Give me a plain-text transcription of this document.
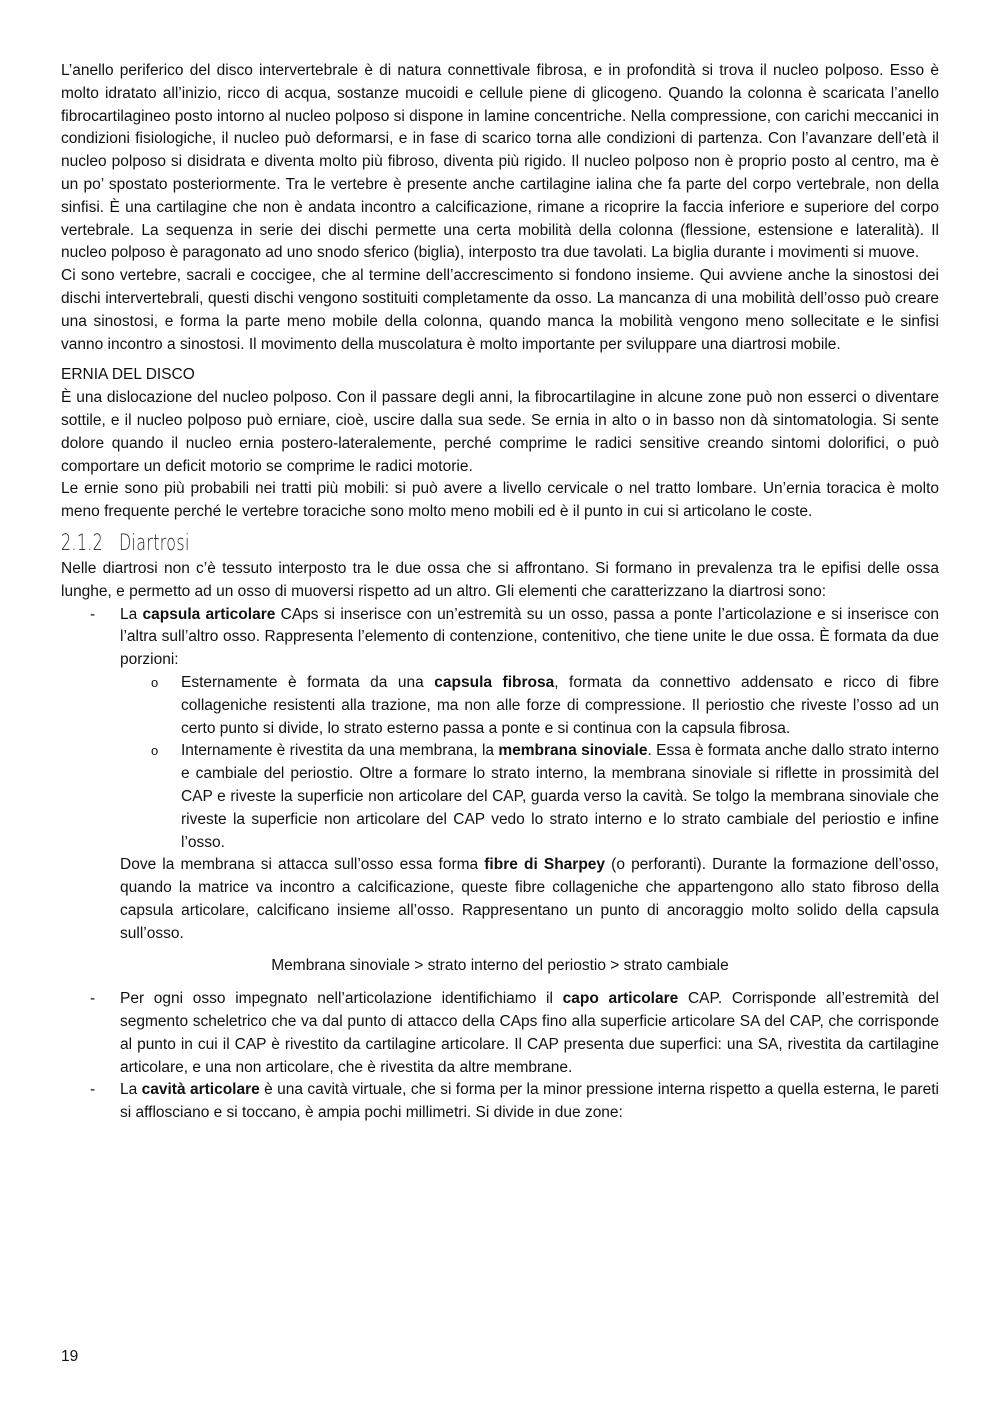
L’anello periferico del disco intervertebrale è di natura connettivale fibrosa, e in profondità si trova il nucleo polposo. Esso è molto idratato all’inizio, ricco di acqua, sostanze mucoidi e cellule piene di glicogeno. Quando la colonna è scaricata l’anello fibrocartilagineo posto intorno al nucleo polposo si dispone in lamine concentriche. Nella compressione, con carichi meccanici in condizioni fisiologiche, il nucleo può deformarsi, e in fase di scarico torna alle condizioni di partenza. Con l’avanzare dell’età il nucleo polposo si disidrata e diventa molto più fibroso, diventa più rigido. Il nucleo polposo non è proprio posto al centro, ma è un po’ spostato posteriormente. Tra le vertebre è presente anche cartilagine ialina che fa parte del corpo vertebrale, non della sinfisi. È una cartilagine che non è andata incontro a calcificazione, rimane a ricoprire la faccia inferiore e superiore del corpo vertebrale. La sequenza in serie dei dischi permette una certa mobilità della colonna (flessione, estensione e lateralità). Il nucleo polposo è paragonato ad uno snodo sferico (biglia), interposto tra due tavolati. La biglia durante i movimenti si muove.

Ci sono vertebre, sacrali e coccigee, che al termine dell’accrescimento si fondono insieme. Qui avviene anche la sinostosi dei dischi intervertebrali, questi dischi vengono sostituiti completamente da osso. La mancanza di una mobilità dell’osso può creare una sinostosi, e forma la parte meno mobile della colonna, quando manca la mobilità vengono meno sollecitate e le sinfisi vanno incontro a sinostosi. Il movimento della muscolatura è molto importante per sviluppare una diartrosi mobile.

ERNIA DEL DISCO

È una dislocazione del nucleo polposo. Con il passare degli anni, la fibrocartilagine in alcune zone può non esserci o diventare sottile, e il nucleo polposo può erniare, cioè, uscire dalla sua sede. Se ernia in alto o in basso non dà sintomatologia. Si sente dolore quando il nucleo ernia postero-lateralemente, perché comprime le radici sensitive creando sintomi dolorifici, o può comportare un deficit motorio se comprime le radici motorie.

Le ernie sono più probabili nei tratti più mobili: si può avere a livello cervicale o nel tratto lombare. Un’ernia toracica è molto meno frequente perché le vertebre toraciche sono molto meno mobili ed è il punto in cui si articolano le coste.

2.1.2 Diartrosi

Nelle diartrosi non c’è tessuto interposto tra le due ossa che si affrontano. Si formano in prevalenza tra le epifisi delle ossa lunghe, e permetto ad un osso di muoversi rispetto ad un altro. Gli elementi che caratterizzano la diartrosi sono:

- La capsula articolare CAps si inserisce con un’estremità su un osso, passa a ponte l’articolazione e si inserisce con l’altra sull’altro osso. Rappresenta l’elemento di contenzione, contenitivo, che tiene unite le due ossa. È formata da due porzioni:

o Esternamente è formata da una capsula fibrosa, formata da connettivo addensato e ricco di fibre collageniche resistenti alla trazione, ma non alle forze di compressione. Il periostio che riveste l’osso ad un certo punto si divide, lo strato esterno passa a ponte e si continua con la capsula fibrosa.

o Internamente è rivestita da una membrana, la membrana sinoviale. Essa è formata anche dallo strato interno e cambiale del periostio. Oltre a formare lo strato interno, la membrana sinoviale si riflette in prossimità del CAP e riveste la superficie non articolare del CAP, guarda verso la cavità. Se tolgo la membrana sinoviale che riveste la superficie non articolare del CAP vedo lo strato interno e lo strato cambiale del periostio e infine l’osso.

Dove la membrana si attacca sull’osso essa forma fibre di Sharpey (o perforanti). Durante la formazione dell’osso, quando la matrice va incontro a calcificazione, queste fibre collageniche che appartengono allo stato fibroso della capsula articolare, calcificano insieme all’osso. Rappresentano un punto di ancoraggio molto solido della capsula sull’osso.

Membrana sinoviale > strato interno del periostio > strato cambiale

- Per ogni osso impegnato nell’articolazione identifichiamo il capo articolare CAP. Corrisponde all’estremità del segmento scheletrico che va dal punto di attacco della CAps fino alla superficie articolare SA del CAP, che corrisponde al punto in cui il CAP è rivestito da cartilagine articolare. Il CAP presenta due superfici: una SA, rivestita da cartilagine articolare, e una non articolare, che è rivestita da altre membrane.

- La cavità articolare è una cavità virtuale, che si forma per la minor pressione interna rispetto a quella esterna, le pareti si afflosciano e si toccano, è ampia pochi millimetri. Si divide in due zone:

19
